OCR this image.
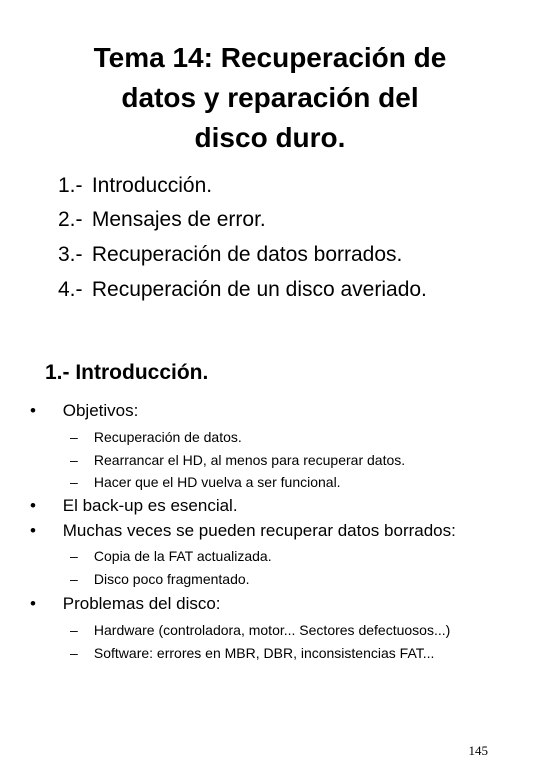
Tema 14: Recuperación de
datos y reparación del
disco duro.
1.- Introducción.
2.- Mensajes de error.
3.- Recuperación de datos borrados.
4.- Recuperación de un disco averiado.
1.- Introducción.
• Objetivos:
– Recuperación de datos.
– Rearrancar el HD, al menos para recuperar datos.
– Hacer que el HD vuelva a ser funcional.
• El back-up es esencial.
• Muchas veces se pueden recuperar datos borrados:
– Copia de la FAT actualizada.
– Disco poco fragmentado.
• Problemas del disco:
– Hardware (controladora, motor... Sectores defectuosos...)
– Software: errores en MBR, DBR, inconsistencias FAT...
145
